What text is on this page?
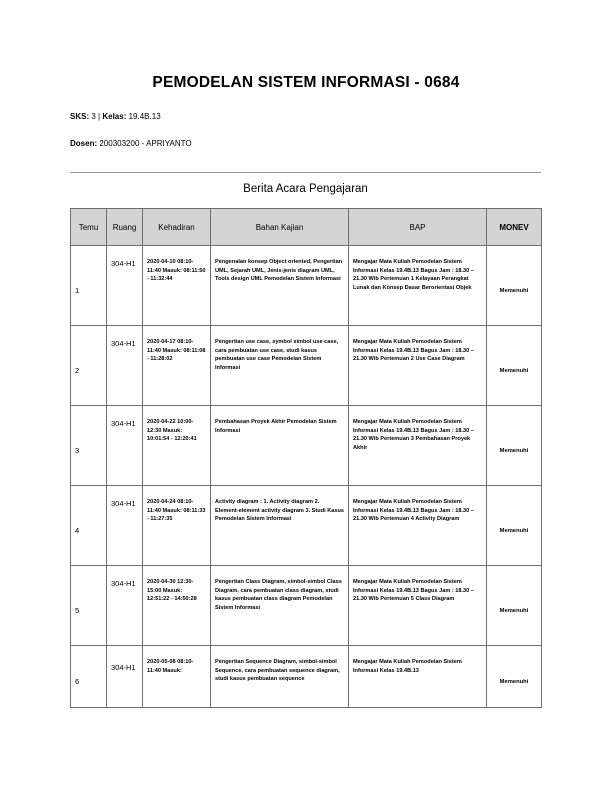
PEMODELAN SISTEM INFORMASI - 0684
SKS: 3 | Kelas: 19.4B.13
Dosen: 200303200 - APRIYANTO
Berita Acara Pengajaran
Temu	Ruang	Kehadiran	Bahan Kajian	BAP	MONEV

1	304-H1	2020-04-10 08:10-11:40 Masuk: 08:11:50 - 11:32:44	Pengenalan konsep Object oriented, Pengertian UML, Sejarah UML, Jenis-jenis diagram UML, Tools design UML Pemodelan Sistem Informasi	Mengajar Mata Kuliah Pemodelan Sistem Informasi Kelas 19.4B.13 Bagus Jam : 18.30 – 21.30 Wib Pertemuan 1 Kelayaan Perangkat Lunak dan Konsep Dasar Berorientasi Objek	Memenuhi

2	304-H1	2020-04-17 08:10-11:40 Masuk: 08:11:08 - 11:28:02	Pengertian use case, symbol simbol use case, cara pembuatan use case, studi kasus pembuatan use case Pemodelan Sistem Informasi	Mengajar Mata Kuliah Pemodelan Sistem Informasi Kelas 19.4B.13 Bagus Jam : 18.30 – 21.30 Wib Pertemuan 2 Use Case Diagram	Memenuhi

3	304-H1	2020-04-22 10:00-12:30 Masuk: 10:01:54 - 12:20:41	Pembahasan Proyek Akhir Pemodelan Sistem Informasi	Mengajar Mata Kuliah Pemodelan Sistem Informasi Kelas 19.4B.13 Bagus Jam : 18.30 – 21.30 Wib Pertemuan 3 Pembahasan Proyek Akhir	Memenuhi

4	304-H1	2020-04-24 08:10-11:40 Masuk: 08:11:33 - 11:27:35	Activity diagram : 1. Activity diagram 2. Element-element activity diagram 3. Studi Kasus Pemodelan Sistem Informasi	Mengajar Mata Kuliah Pemodelan Sistem Informasi Kelas 19.4B.13 Bagus Jam : 18.30 – 21.30 Wib Pertemuan 4 Activity Diagram	Memenuhi

5	304-H1	2020-04-30 12:30-15:00 Masuk: 12:51:22 - 14:50:28	Pengertian Class Diagram, simbol-simbol Class Diagram, cara pembuatan class diagram, studi kasus pembuatan class diagram Pemodelan Sistem Informasi	Mengajar Mata Kuliah Pemodelan Sistem Informasi Kelas 19.4B.13 Bagus Jam : 18.30 – 21.30 Wib Pertemuan 5 Class Diagram	Memenuhi

6	304-H1	2020-05-08 08:10-11:40 Masuk:	Pengertian Sequence Diagram, simbol-simbol Sequence, cara pembuatan sequence diagram, studi kasus pembuatan sequence	Mengajar Mata Kuliah Pemodelan Sistem Informasi Kelas 19.4B.13	Memenuhi
